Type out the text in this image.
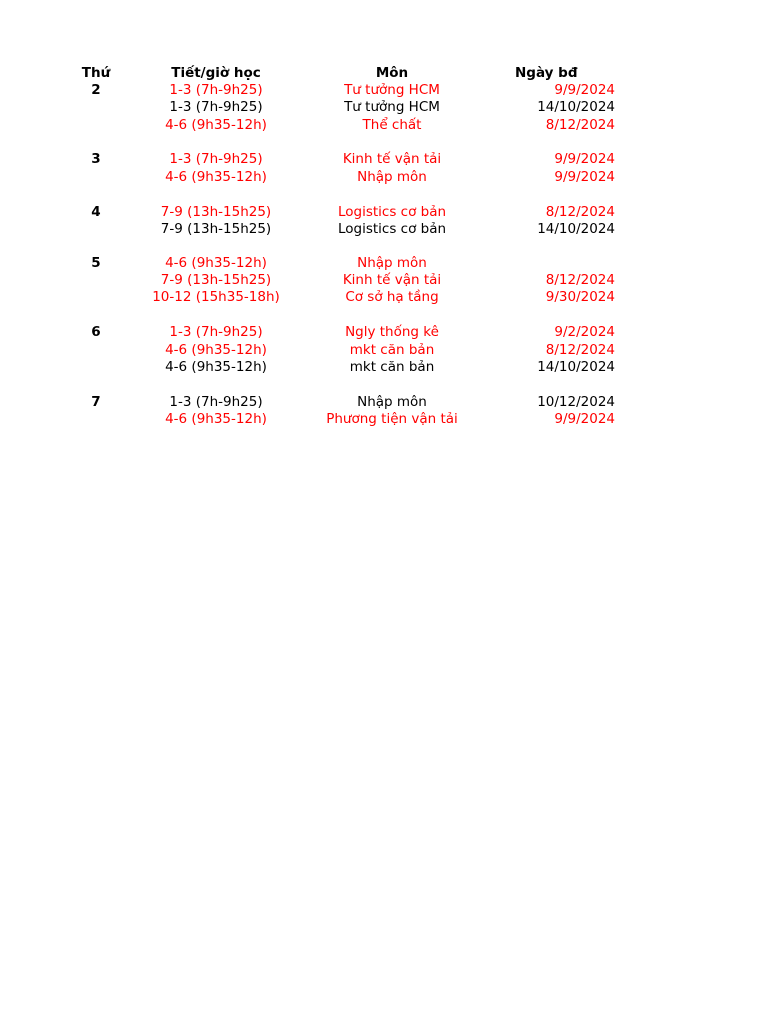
Thứ	Tiết/giờ học	Môn	Ngày bđ
2	1-3 (7h-9h25)	Tư tưởng HCM	9/9/2024
1-3 (7h-9h25)	Tư tưởng HCM	14/10/2024
4-6 (9h35-12h)	Thể chất	8/12/2024
3	1-3 (7h-9h25)	Kinh tế vận tải	9/9/2024
4-6 (9h35-12h)	Nhập môn	9/9/2024
4	7-9 (13h-15h25)	Logistics cơ bản	8/12/2024
7-9 (13h-15h25)	Logistics cơ bản	14/10/2024
5	4-6 (9h35-12h)	Nhập môn
7-9 (13h-15h25)	Kinh tế vận tải	8/12/2024
10-12 (15h35-18h)	Cơ sở hạ tầng	9/30/2024
6	1-3 (7h-9h25)	Ngly thống kê	9/2/2024
4-6 (9h35-12h)	mkt căn bản	8/12/2024
4-6 (9h35-12h)	mkt căn bản	14/10/2024
7	1-3 (7h-9h25)	Nhập môn	10/12/2024
4-6 (9h35-12h)	Phương tiện vận tải	9/9/2024
